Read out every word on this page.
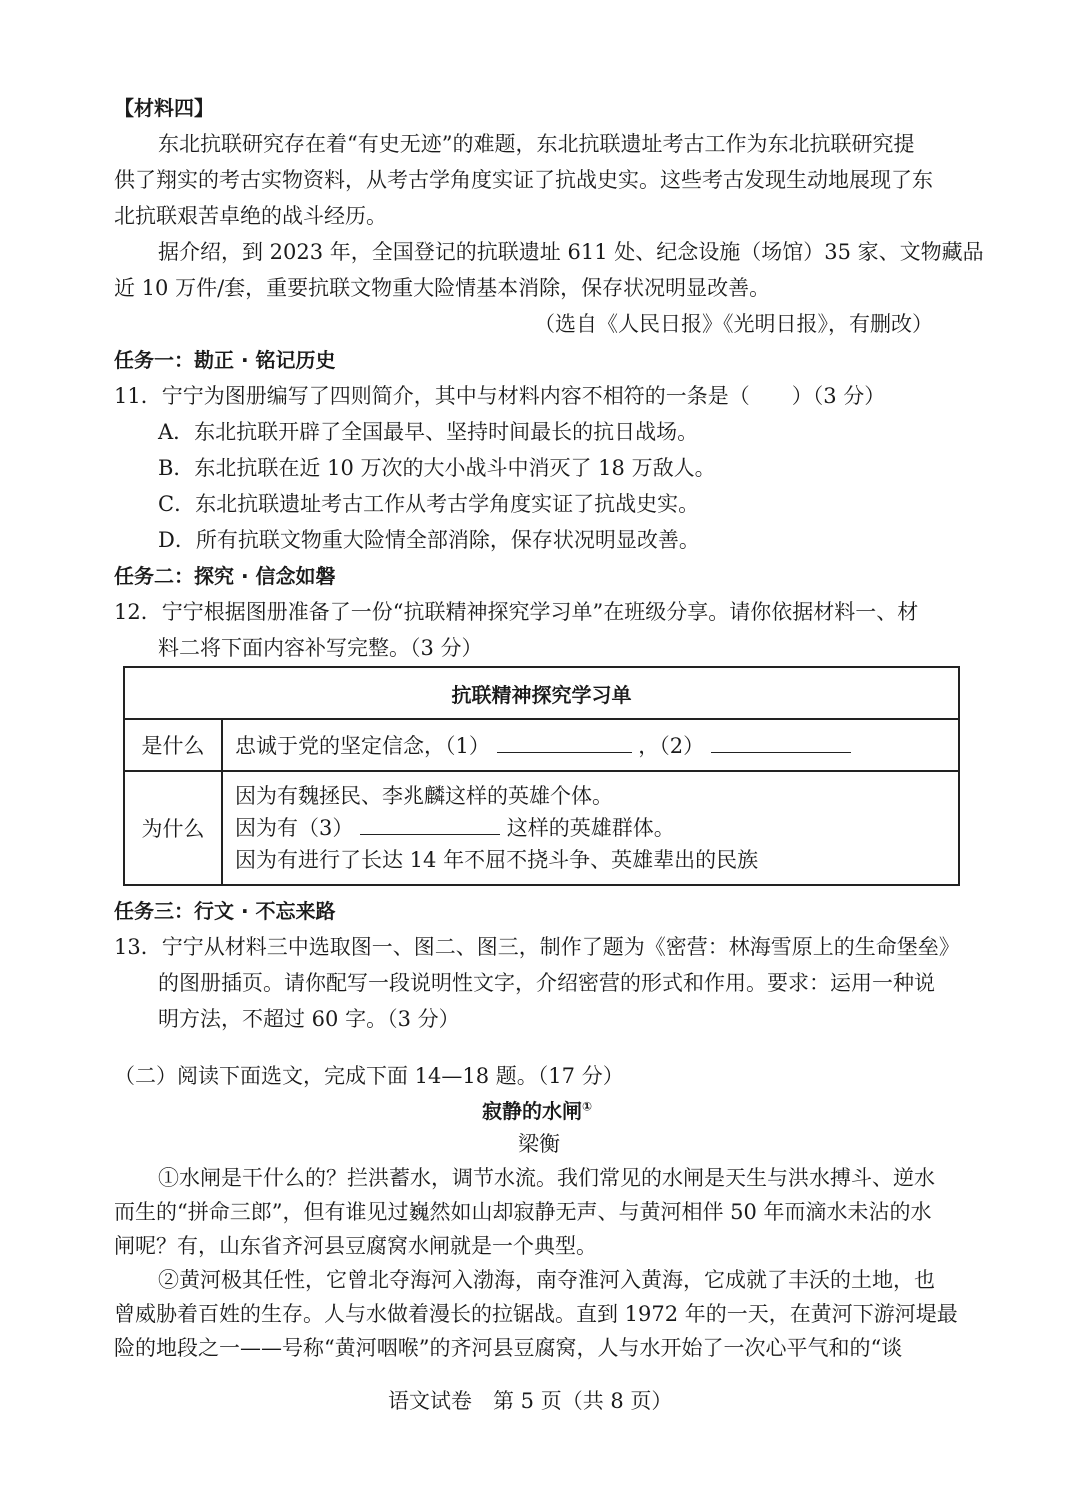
【材料四】
东北抗联研究存在着“有史无迹”的难题，东北抗联遗址考古工作为东北抗联研究提
供了翔实的考古实物资料，从考古学角度实证了抗战史实。这些考古发现生动地展现了东
北抗联艰苦卓绝的战斗经历。
据介绍，到 2023 年，全国登记的抗联遗址 611 处、纪念设施（场馆）35 家、文物藏品
近 10 万件/套，重要抗联文物重大险情基本消除，保存状况明显改善。
（选自《人民日报》《光明日报》，有删改）
任务一：勘正 · 铭记历史
11．宁宁为图册编写了四则简介，其中与材料内容不相符的一条是（　　）（3 分）
A．东北抗联开辟了全国最早、坚持时间最长的抗日战场。
B．东北抗联在近 10 万次的大小战斗中消灭了 18 万敌人。
C．东北抗联遗址考古工作从考古学角度实证了抗战史实。
D．所有抗联文物重大险情全部消除，保存状况明显改善。
任务二：探究 · 信念如磐
12．宁宁根据图册准备了一份“抗联精神探究学习单”在班级分享。请你依据材料一、材
料二将下面内容补写完整。（3 分）
抗联精神探究学习单	
是什么	忠诚于党的坚定信念，（1） ，（2）
为什么	因为有魏拯民、李兆麟这样的英雄个体。
因为有（3） 这样的英雄群体。
因为有进行了长达 14 年不屈不挠斗争、英雄辈出的民族
任务三：行文 · 不忘来路
13．宁宁从材料三中选取图一、图二、图三，制作了题为《密营：林海雪原上的生命堡垒》
的图册插页。请你配写一段说明性文字，介绍密营的形式和作用。要求：运用一种说
明方法，不超过 60 字。（3 分）
（二）阅读下面选文，完成下面 14—18 题。（17 分）
寂静的水闸①
梁衡
①水闸是干什么的？拦洪蓄水，调节水流。我们常见的水闸是天生与洪水搏斗、逆水
而生的“拼命三郎”，但有谁见过巍然如山却寂静无声、与黄河相伴 50 年而滴水未沾的水
闸呢？有，山东省齐河县豆腐窝水闸就是一个典型。
②黄河极其任性，它曾北夺海河入渤海，南夺淮河入黄海，它成就了丰沃的土地，也
曾威胁着百姓的生存。人与水做着漫长的拉锯战。直到 1972 年的一天，在黄河下游河堤最
险的地段之一——号称“黄河咽喉”的齐河县豆腐窝，人与水开始了一次心平气和的“谈
语文试卷　第 5 页（共 8 页）
